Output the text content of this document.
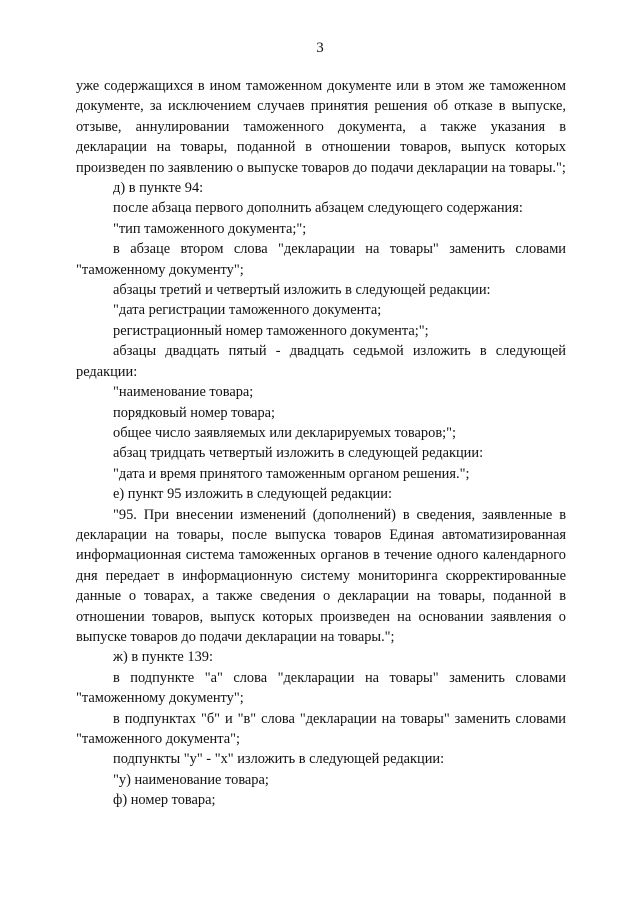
3

уже содержащихся в ином таможенном документе или в этом же таможенном документе, за исключением случаев принятия решения об отказе в выпуске, отзыве, аннулировании таможенного документа, а также указания в декларации на товары, поданной в отношении товаров, выпуск которых произведен по заявлению о выпуске товаров до подачи декларации на товары.";

д) в пункте 94:

после абзаца первого дополнить абзацем следующего содержания:

"тип таможенного документа;";

в абзаце втором слова "декларации на товары" заменить словами "таможенному документу";

абзацы третий и четвертый изложить в следующей редакции:

"дата регистрации таможенного документа;

регистрационный номер таможенного документа;";

абзацы двадцать пятый - двадцать седьмой изложить в следующей редакции:

"наименование товара;

порядковый номер товара;

общее число заявляемых или декларируемых товаров;";

абзац тридцать четвертый изложить в следующей редакции:

"дата и время принятого таможенным органом решения.";

е) пункт 95 изложить в следующей редакции:

"95. При внесении изменений (дополнений) в сведения, заявленные в декларации на товары, после выпуска товаров Единая автоматизированная информационная система таможенных органов в течение одного календарного дня передает в информационную систему мониторинга скорректированные данные о товарах, а также сведения о декларации на товары, поданной в отношении товаров, выпуск которых произведен на основании заявления о выпуске товаров до подачи декларации на товары.";

ж) в пункте 139:

в подпункте "а" слова "декларации на товары" заменить словами "таможенному документу";

в подпунктах "б" и "в" слова "декларации на товары" заменить словами "таможенного документа";

подпункты "у" - "х" изложить в следующей редакции:

"у) наименование товара;

ф) номер товара;
